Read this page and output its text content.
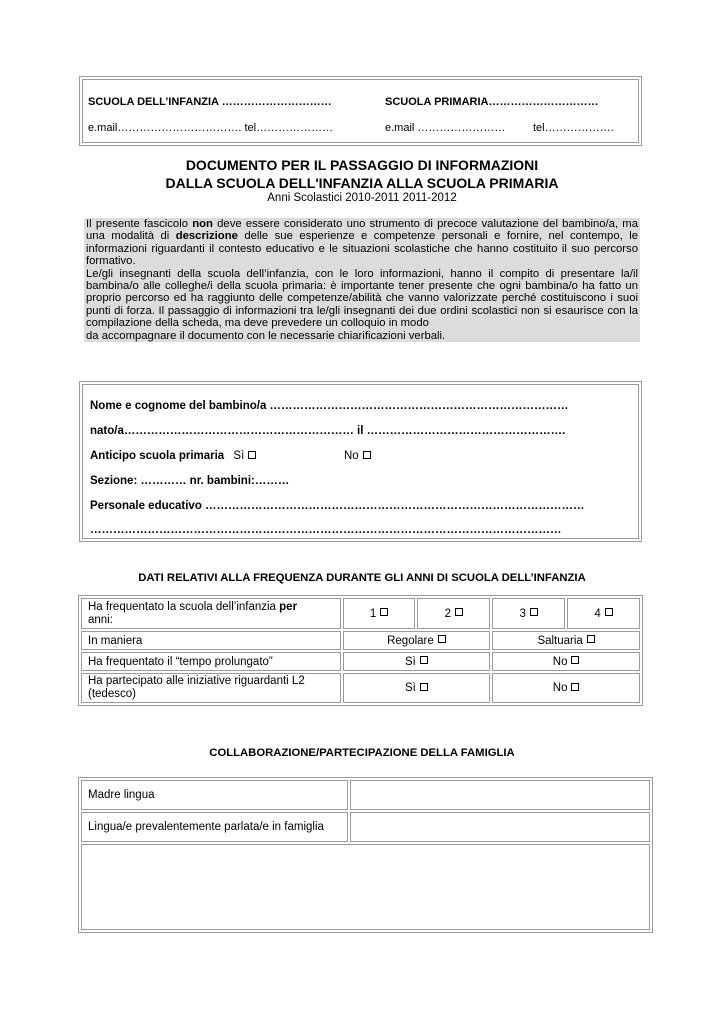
SCUOLA DELL’INFANZIA …………………………	SCUOLA PRIMARIA…………………………
e.mail……………………………. tel…………………	e.mail ……………………	tel……………….
DOCUMENTO PER IL PASSAGGIO DI INFORMAZIONI
DALLA SCUOLA DELL'INFANZIA ALLA SCUOLA PRIMARIA
Anni Scolastici 2010-2011 2011-2012

Il presente fascicolo non deve essere considerato uno strumento di precoce valutazione del bambino/a, ma una modalità di descrizione delle sue esperienze e competenze personali e fornire, nel contempo, le informazioni riguardanti il contesto educativo e le situazioni scolastiche che hanno costituito il suo percorso formativo.

Le/gli insegnanti della scuola dell’infanzia, con le loro informazioni, hanno il compito di presentare la/il bambina/o alle colleghe/i della scuola primaria: è importante tener presente che ogni bambina/o ha fatto un proprio percorso ed ha raggiunto delle competenze/abilità che vanno valorizzate perché costituiscono i suoi punti di forza. Il passaggio di informazioni tra le/gli insegnanti dei due ordini scolastici non si esaurisce con la compilazione della scheda, ma deve prevedere un colloquio in modo

da accompagnare il documento con le necessarie chiarificazioni verbali.

Nome e cognome del bambino/a ……………………………………………………………………
nato/a…………………………………………………… il …………………………………………….
Anticipo scuola primaria Sì	No
Sezione: ………… nr. bambini:………
Personale educativo ………………………………………………………………………………………
……………………………………………………………………………………………………………
DATI RELATIVI ALLA FREQUENZA DURANTE GLI ANNI DI SCUOLA DELL’INFANZIA
Ha frequentato la scuola dell’infanzia per
anni:	1	2	3	4
In maniera	Regolare		Saltuaria	
Ha frequentato il “tempo prolungato”	Sì		No	
Ha partecipato alle iniziative riguardanti L2 (tedesco)	Sì		No	
COLLABORAZIONE/PARTECIPAZIONE DELLA FAMIGLIA
Madre lingua	
Lingua/e prevalentemente parlata/e in famiglia	
